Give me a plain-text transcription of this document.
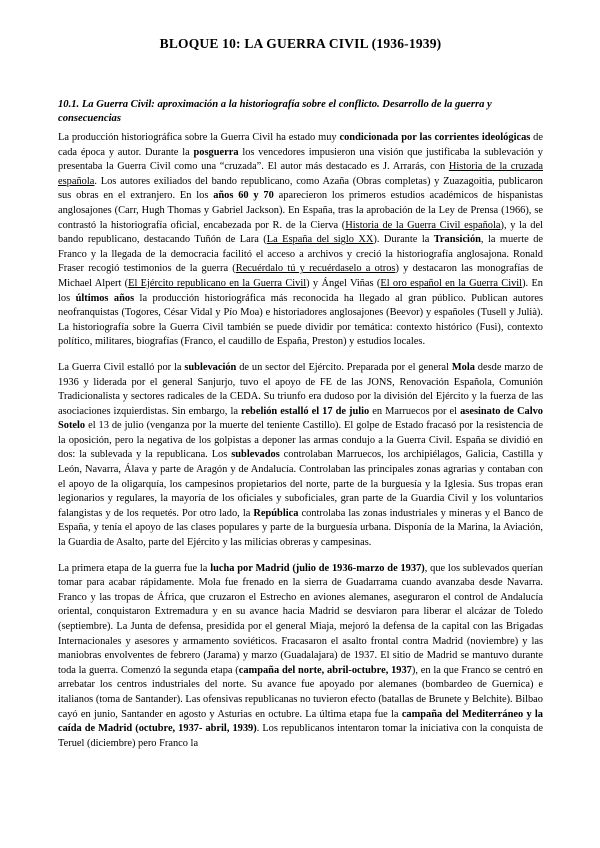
BLOQUE 10: LA GUERRA CIVIL (1936-1939)
10.1. La Guerra Civil: aproximación a la historiografía sobre el conflicto. Desarrollo de la guerra y consecuencias

La producción historiográfica sobre la Guerra Civil ha estado muy condicionada por las corrientes ideológicas de cada época y autor. Durante la posguerra los vencedores impusieron una visión que justificaba la sublevación y presentaba la Guerra Civil como una “cruzada”. El autor más destacado es J. Arrarás, con Historia de la cruzada española. Los autores exiliados del bando republicano, como Azaña (Obras completas) y Zuazagoitia, publicaron sus obras en el extranjero. En los años 60 y 70 aparecieron los primeros estudios académicos de hispanistas anglosajones (Carr, Hugh Thomas y Gabriel Jackson). En España, tras la aprobación de la Ley de Prensa (1966), se contrastó la historiografía oficial, encabezada por R. de la Cierva (Historia de la Guerra Civil española), y la del bando republicano, destacando Tuñón de Lara (La España del siglo XX). Durante la Transición, la muerte de Franco y la llegada de la democracia facilitó el acceso a archivos y creció la historiografía anglosajona. Ronald Fraser recogió testimonios de la guerra (Recuérdalo tú y recuérdaselo a otros) y destacaron las monografías de Michael Alpert (El Ejército republicano en la Guerra Civil) y Ángel Viñas (El oro español en la Guerra Civil). En los últimos años la producción historiográfica más reconocida ha llegado al gran público. Publican autores neofranquistas (Togores, César Vidal y Pío Moa) e historiadores anglosajones (Beevor) y españoles (Tusell y Julià). La historiografía sobre la Guerra Civil también se puede dividir por temática: contexto histórico (Fusi), contexto político, militares, biografías (Franco, el caudillo de España, Preston) y estudios locales.

La Guerra Civil estalló por la sublevación de un sector del Ejército. Preparada por el general Mola desde marzo de 1936 y liderada por el general Sanjurjo, tuvo el apoyo de FE de las JONS, Renovación Española, Comunión Tradicionalista y sectores radicales de la CEDA. Su triunfo era dudoso por la división del Ejército y la fuerza de las asociaciones izquierdistas. Sin embargo, la rebelión estalló el 17 de julio en Marruecos por el asesinato de Calvo Sotelo el 13 de julio (venganza por la muerte del teniente Castillo). El golpe de Estado fracasó por la resistencia de la oposición, pero la negativa de los golpistas a deponer las armas condujo a la Guerra Civil. España se dividió en dos: la sublevada y la republicana. Los sublevados controlaban Marruecos, los archipiélagos, Galicia, Castilla y León, Navarra, Álava y parte de Aragón y de Andalucía. Controlaban las principales zonas agrarias y contaban con el apoyo de la oligarquía, los campesinos propietarios del norte, parte de la burguesía y la Iglesia. Sus tropas eran legionarios y regulares, la mayoría de los oficiales y suboficiales, gran parte de la Guardia Civil y los voluntarios falangistas y de los requetés. Por otro lado, la República controlaba las zonas industriales y mineras y el Banco de España, y tenía el apoyo de las clases populares y parte de la burguesía urbana. Disponía de la Marina, la Aviación, la Guardia de Asalto, parte del Ejército y las milicias obreras y campesinas.

La primera etapa de la guerra fue la lucha por Madrid (julio de 1936-marzo de 1937), que los sublevados querían tomar para acabar rápidamente. Mola fue frenado en la sierra de Guadarrama cuando avanzaba desde Navarra. Franco y las tropas de África, que cruzaron el Estrecho en aviones alemanes, aseguraron el control de Andalucía oriental, conquistaron Extremadura y en su avance hacia Madrid se desviaron para liberar el alcázar de Toledo (septiembre). La Junta de defensa, presidida por el general Miaja, mejoró la defensa de la capital con las Brigadas Internacionales y asesores y armamento soviéticos. Fracasaron el asalto frontal contra Madrid (noviembre) y las maniobras envolventes de febrero (Jarama) y marzo (Guadalajara) de 1937. El sitio de Madrid se mantuvo durante toda la guerra. Comenzó la segunda etapa (campaña del norte, abril-octubre, 1937), en la que Franco se centró en arrebatar los centros industriales del norte. Su avance fue apoyado por alemanes (bombardeo de Guernica) e italianos (toma de Santander). Las ofensivas republicanas no tuvieron efecto (batallas de Brunete y Belchite). Bilbao cayó en junio, Santander en agosto y Asturias en octubre. La última etapa fue la campaña del Mediterráneo y la caída de Madrid (octubre, 1937- abril, 1939). Los republicanos intentaron tomar la iniciativa con la conquista de Teruel (diciembre) pero Franco la
